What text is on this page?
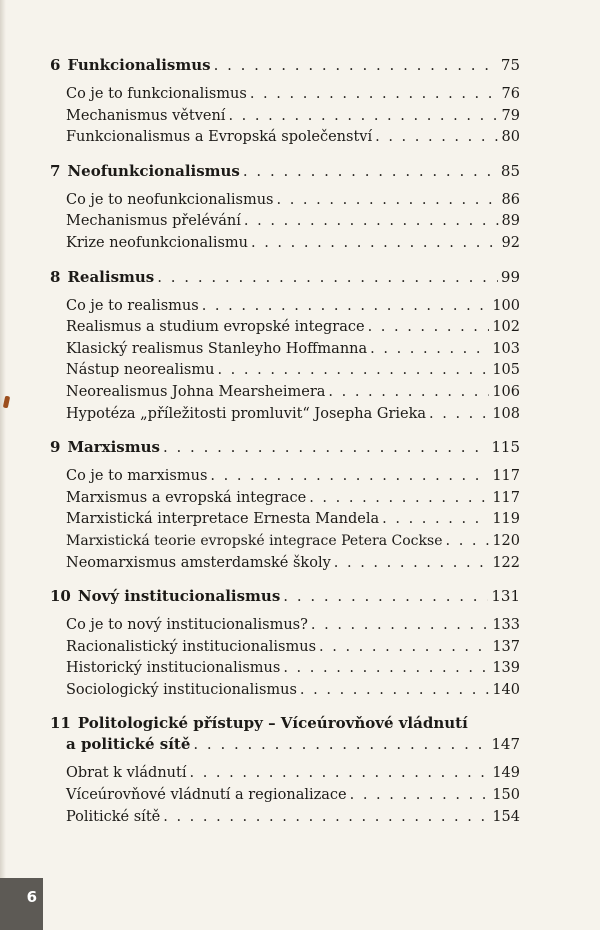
6 Funkcionalismus . . .	75
Co je to funkcionalismus . . .	76
Mechanismus větvení . . .	79
Funkcionalismus a Evropská společenství . . .	80
7 Neofunkcionalismus . . .	85
Co je to neofunkcionalismus . . .	86
Mechanismus přelévání . . .	89
Krize neofunkcionalismu . . .	92
8 Realismus . . .	99
Co je to realismus . . .	100
Realismus a studium evropské integrace . . .	102
Klasický realismus Stanleyho Hoffmanna . . .	103
Nástup neorealismu . . .	105
Neorealismus Johna Mearsheimera . . .	106
Hypotéza „příležitosti promluvit“ Josepha Grieka . . .	108
9 Marxismus . . .	115
Co je to marxismus . . .	117
Marxismus a evropská integrace . . .	117
Marxistická interpretace Ernesta Mandela . . .	119
Marxistická teorie evropské integrace Petera Cockse . . .	120
Neomarxismus amsterdamské školy . . .	122
10 Nový institucionalismus . . .	131
Co je to nový institucionalismus? . . .	133
Racionalistický institucionalismus . . .	137
Historický institucionalismus . . .	139
Sociologický institucionalismus . . .	140
11 Politologické přístupy – Víceúrovňové vládnutí
a politické sítě . . .	147
Obrat k vládnutí . . .	149
Víceúrovňové vládnutí a regionalizace . . .	150
Politické sítě . . .	154
6
